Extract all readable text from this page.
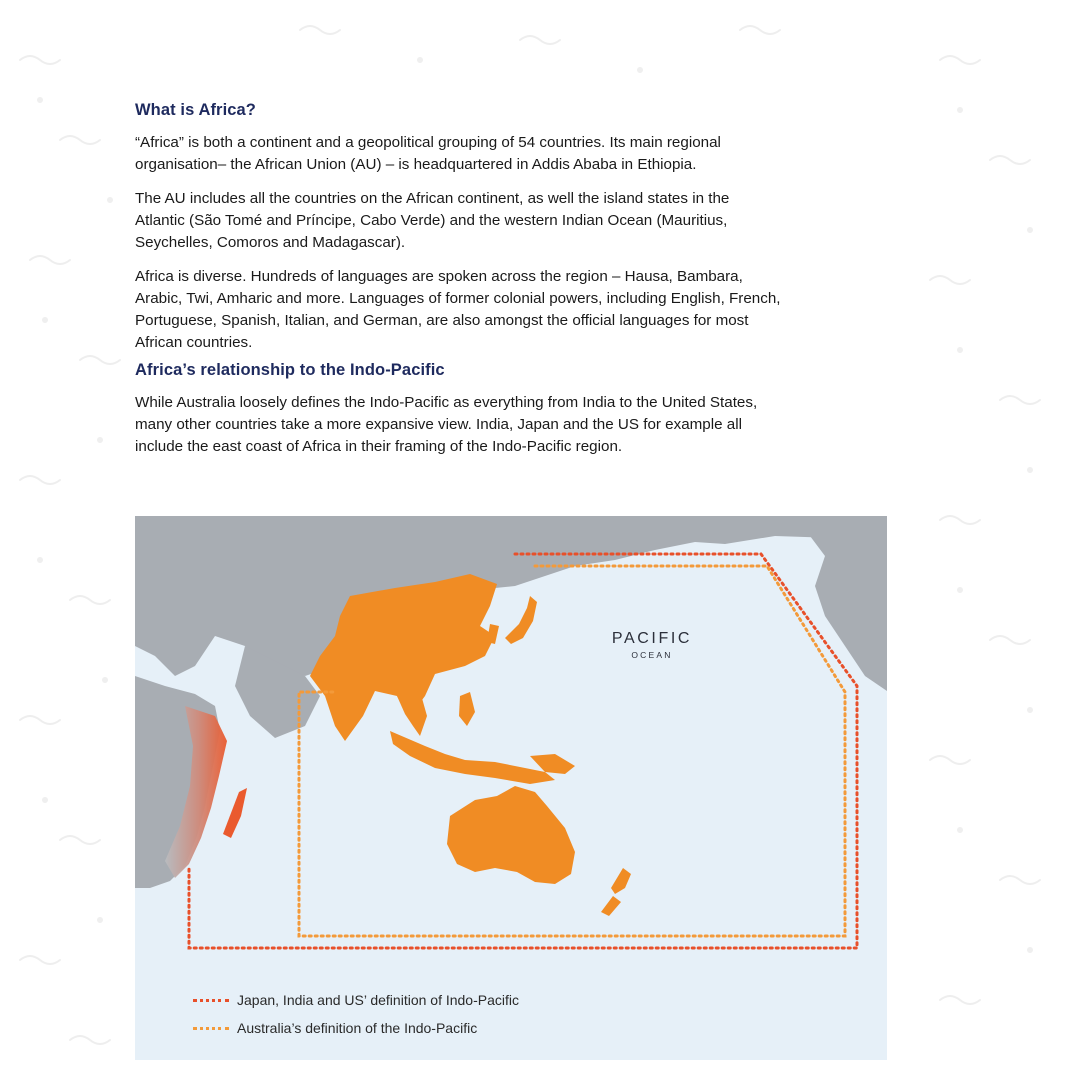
What is Africa?

“Africa” is both a continent and a geopolitical grouping of 54 countries. Its main regional
organisation– the African Union (AU) – is headquartered in Addis Ababa in Ethiopia.

The AU includes all the countries on the African continent, as well the island states in the
Atlantic (São Tomé and Príncipe, Cabo Verde) and the western Indian Ocean (Mauritius,
Seychelles, Comoros and Madagascar).

Africa is diverse. Hundreds of languages are spoken across the region – Hausa, Bambara,
Arabic, Twi, Amharic and more. Languages of former colonial powers, including English, French,
Portuguese, Spanish, Italian, and German, are also amongst the official languages for most
African countries.

Africa’s relationship to the Indo-Pacific

While Australia loosely defines the Indo-Pacific as everything from India to the United States,
many other countries take a more expansive view. India, Japan and the US for example all
include the east coast of Africa in their framing of the Indo-Pacific region.

PACIFIC
OCEAN
Japan, India and US’ definition of Indo-Pacific
Australia’s definition of the Indo-Pacific
